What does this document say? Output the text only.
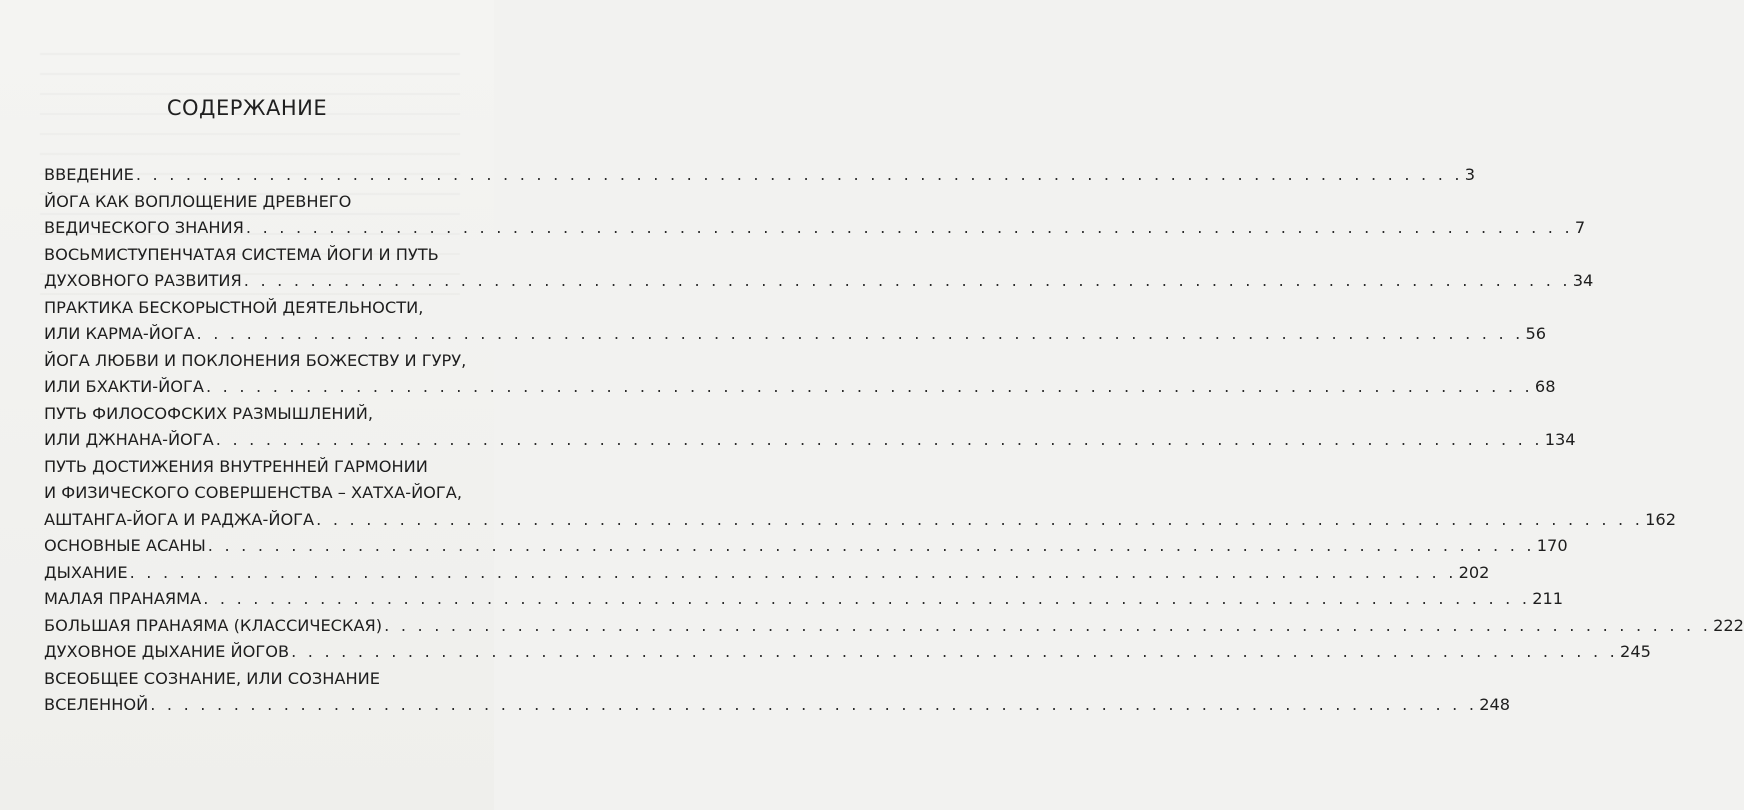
СОДЕРЖАНИЕ
ВВЕДЕНИЕ . . . . . . . . . . . . . . . . . . . . . . . . . . . . . . . . . . . . . . . . . . . . . . . . . . . . . . . . . . . . . . . . . . . . . . . . . . . . . . . . 3
ЙОГА КАК ВОПЛОЩЕНИЕ ДРЕВНЕГО
ВЕДИЧЕСКОГО ЗНАНИЯ . . . . . . . . . . . . . . . . . . . . . . . . . . . . . . . . . . . . . . . . . . . . . . . . . . . . . . . . . . . . . . . . . . . . . . . . . . . . . . . . 7
ВОСЬМИСТУПЕНЧАТАЯ СИСТЕМА ЙОГИ И ПУТЬ
ДУХОВНОГО РАЗВИТИЯ . . . . . . . . . . . . . . . . . . . . . . . . . . . . . . . . . . . . . . . . . . . . . . . . . . . . . . . . . . . . . . . . . . . . . . . . . . . . . . . . 34
ПРАКТИКА БЕСКОРЫСТНОЙ ДЕЯТЕЛЬНОСТИ,
ИЛИ КАРМА-ЙОГА . . . . . . . . . . . . . . . . . . . . . . . . . . . . . . . . . . . . . . . . . . . . . . . . . . . . . . . . . . . . . . . . . . . . . . . . . . . . . . . . 56
ЙОГА ЛЮБВИ И ПОКЛОНЕНИЯ БОЖЕСТВУ И ГУРУ,
ИЛИ БХАКТИ-ЙОГА . . . . . . . . . . . . . . . . . . . . . . . . . . . . . . . . . . . . . . . . . . . . . . . . . . . . . . . . . . . . . . . . . . . . . . . . . . . . . . . . 68
ПУТЬ ФИЛОСОФСКИХ РАЗМЫШЛЕНИЙ,
ИЛИ ДЖНАНА-ЙОГА . . . . . . . . . . . . . . . . . . . . . . . . . . . . . . . . . . . . . . . . . . . . . . . . . . . . . . . . . . . . . . . . . . . . . . . . . . . . . . . . 134
ПУТЬ ДОСТИЖЕНИЯ ВНУТРЕННЕЙ ГАРМОНИИ
И ФИЗИЧЕСКОГО СОВЕРШЕНСТВА – ХАТХА-ЙОГА,
АШТАНГА-ЙОГА И РАДЖА-ЙОГА . . . . . . . . . . . . . . . . . . . . . . . . . . . . . . . . . . . . . . . . . . . . . . . . . . . . . . . . . . . . . . . . . . . . . . . . . . . . . . . . 162
ОСНОВНЫЕ АСАНЫ . . . . . . . . . . . . . . . . . . . . . . . . . . . . . . . . . . . . . . . . . . . . . . . . . . . . . . . . . . . . . . . . . . . . . . . . . . . . . . . . 170
ДЫХАНИЕ . . . . . . . . . . . . . . . . . . . . . . . . . . . . . . . . . . . . . . . . . . . . . . . . . . . . . . . . . . . . . . . . . . . . . . . . . . . . . . . . 202
МАЛАЯ ПРАНАЯМА . . . . . . . . . . . . . . . . . . . . . . . . . . . . . . . . . . . . . . . . . . . . . . . . . . . . . . . . . . . . . . . . . . . . . . . . . . . . . . . . 211
БОЛЬШАЯ ПРАНАЯМА (КЛАССИЧЕСКАЯ) . . . . . . . . . . . . . . . . . . . . . . . . . . . . . . . . . . . . . . . . . . . . . . . . . . . . . . . . . . . . . . . . . . . . . . . . . . . . . . . . 222
ДУХОВНОЕ ДЫХАНИЕ ЙОГОВ . . . . . . . . . . . . . . . . . . . . . . . . . . . . . . . . . . . . . . . . . . . . . . . . . . . . . . . . . . . . . . . . . . . . . . . . . . . . . . . . 245
ВСЕОБЩЕЕ СОЗНАНИЕ, ИЛИ СОЗНАНИЕ
ВСЕЛЕННОЙ . . . . . . . . . . . . . . . . . . . . . . . . . . . . . . . . . . . . . . . . . . . . . . . . . . . . . . . . . . . . . . . . . . . . . . . . . . . . . . . . 248
